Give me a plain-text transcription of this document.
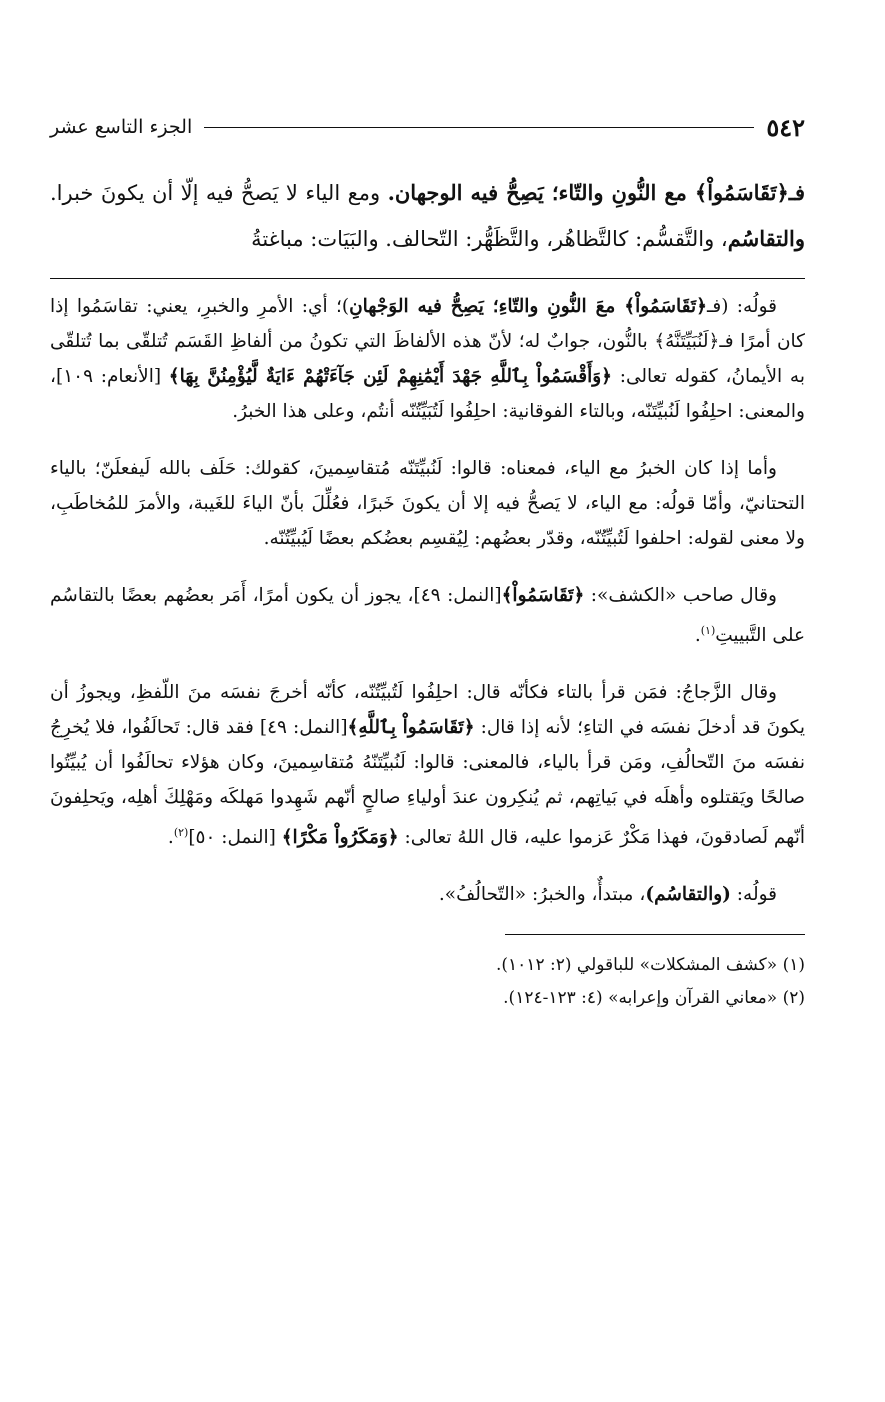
٥٤٢
الجزء التاسع عشر
فـ﴿تَقَاسَمُواْ﴾ مع النُّونِ والتّاء؛ يَصِحُّ فيه الوجهان. ومع الياء لا يَصحُّ فيه إلّا أن يكونَ خبرا. والتقاسُم، والتَّقسُّم: كالتَّظاهُر، والتَّظَهُّر: التّحالف. والبَيَات: مباغتةُ

قولُه: (فـ﴿تَقَاسَمُواْ﴾ معَ النُّونِ والتّاءِ؛ يَصِحُّ فيه الوَجْهانِ)؛ أي: الأمرِ والخبرِ، يعني: تقاسَمُوا إذا كان أمرًا فـ﴿لَنُبَيِّتَنَّهُ﴾ بالنُّون، جوابٌ له؛ لأنّ هذه الألفاظَ التي تكونُ من ألفاظِ القَسَم تُتلقّى بما تُتلقّى به الأيمانُ، كقوله تعالى: ﴿وَأَقْسَمُواْ بِٱللَّهِ جَهْدَ أَيْمَٰنِهِمْ لَئِن جَآءَتْهُمْ ءَايَةٌ لَّيُؤْمِنُنَّ بِهَا﴾ [الأنعام: ١٠٩]، والمعنى: احلِفُوا لَنُبيِّتَنّه، وبالتاء الفوقانية: احلِفُوا لَتُبَيِّتُنّه أنتُم، وعلى هذا الخبرُ.

وأما إذا كان الخبرُ مع الياء، فمعناه: قالوا: لَنُبيِّتَنّه مُتقاسِمينَ، كقولك: حَلَف بالله لَيفعلَنّ؛ بالياء التحتانيّ، وأمّا قولُه: مع الياء، لا يَصحُّ فيه إلا أن يكونَ خَبرًا، فعُلِّلَ بأنّ الياءَ للغَيبة، والأمرَ للمُخاطَبِ، ولا معنى لقوله: احلفوا لَتُبيِّتُنّه، وقدّر بعضُهم: لِيُقسِم بعضُكم بعضًا لَيُبيِّتُنّه.

وقال صاحب «الكشف»: ﴿تَقَاسَمُواْ﴾[النمل: ٤٩]، يجوز أن يكون أمرًا، أَمَر بعضُهم بعضًا بالتقاسُم على التَّبييتِ$^{(١)}$.

وقال الزَّجاجُ: فمَن قرأ بالتاء فكأنّه قال: احلِفُوا لَتُبيِّتُنّه، كأنّه أخرجَ نفسَه منَ اللّفظِ، ويجوزُ أن يكونَ قد أدخلَ نفسَه في التاءِ؛ لأنه إذا قال: ﴿تَقَاسَمُواْ بِٱللَّهِ﴾[النمل: ٤٩] فقد قال: تَحالَفُوا، فلا يُخرِجُ نفسَه منَ التّحالُفِ، ومَن قرأ بالياء، فالمعنى: قالوا: لَنُبيِّتَنّهُ مُتقاسِمينَ، وكان هؤلاء تحالَفُوا أن يُبيِّتُوا صالحًا ويَقتلوه وأهلَه في بَياتِهم، ثم يُنكِرون عندَ أولياءِ صالحٍ أنّهم شَهِدوا مَهلكَه ومَهْلِكَ أهلِه، ويَحلِفونَ أنّهم لَصادقونَ، فهذا مَكْرٌ عَزموا عليه، قال اللهُ تعالى: ﴿وَمَكَرُواْ مَكْرًا﴾ [النمل: ٥٠]$^{(٢)}$.

قولُه: (والتقاسُم)، مبتدأٌ، والخبرُ: «التّحالُفُ».

(١) «كشف المشكلات» للباقولي (٢: ١٠١٢).

(٢) «معاني القرآن وإعرابه» (٤: ١٢٣-١٢٤).
